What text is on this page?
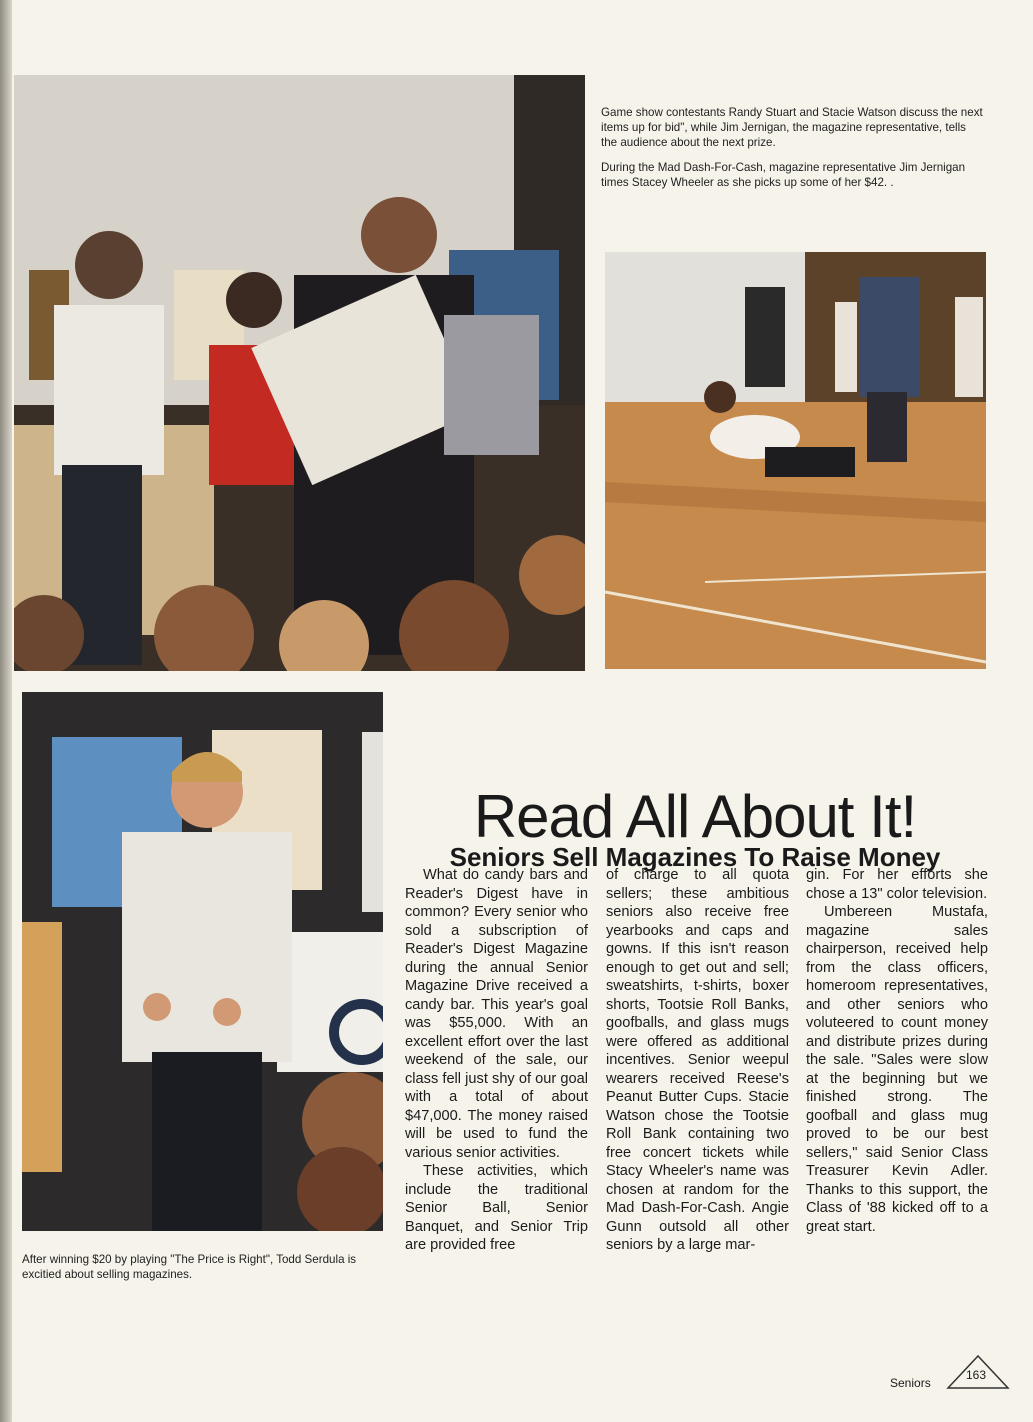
Game show contestants Randy Stuart and Stacie Watson discuss the next items up for bid", while Jim Jernigan, the magazine representative, tells the audience about the next prize.

During the Mad Dash-For-Cash, magazine representative Jim Jernigan times Stacey Wheeler as she picks up some of her $42. .

After winning $20 by playing "The Price is Right", Todd Serdula is excitied about selling magazines.
Read All About It!
Seniors Sell Magazines To Raise Money

What do candy bars and Reader's Digest have in common? Every senior who sold a subscription of Reader's Digest Magazine during the annual Senior Magazine Drive received a candy bar. This year's goal was $55,000. With an excellent effort over the last weekend of the sale, our class fell just shy of our goal with a total of about $47,000. The money raised will be used to fund the various senior activities.

These activities, which include the traditional Senior Ball, Senior Banquet, and Senior Trip are provided free

of charge to all quota sellers; these ambitious seniors also receive free yearbooks and caps and gowns. If this isn't reason enough to get out and sell; sweatshirts, t-shirts, boxer shorts, Tootsie Roll Banks, goofballs, and glass mugs were offered as additional incentives. Senior weepul wearers received Reese's Peanut Butter Cups. Stacie Watson chose the Tootsie Roll Bank containing two free concert tickets while Stacy Wheeler's name was chosen at random for the Mad Dash-For-Cash. Angie Gunn outsold all other seniors by a large mar-

gin. For her efforts she chose a 13" color television.

Umbereen Mustafa, magazine sales chairperson, received help from the class officers, homeroom representatives, and other seniors who voluteered to count money and distribute prizes during the sale. "Sales were slow at the beginning but we finished strong. The goofball and glass mug proved to be our best sellers," said Senior Class Treasurer Kevin Adler. Thanks to this support, the Class of '88 kicked off to a great start.

Seniors
163
